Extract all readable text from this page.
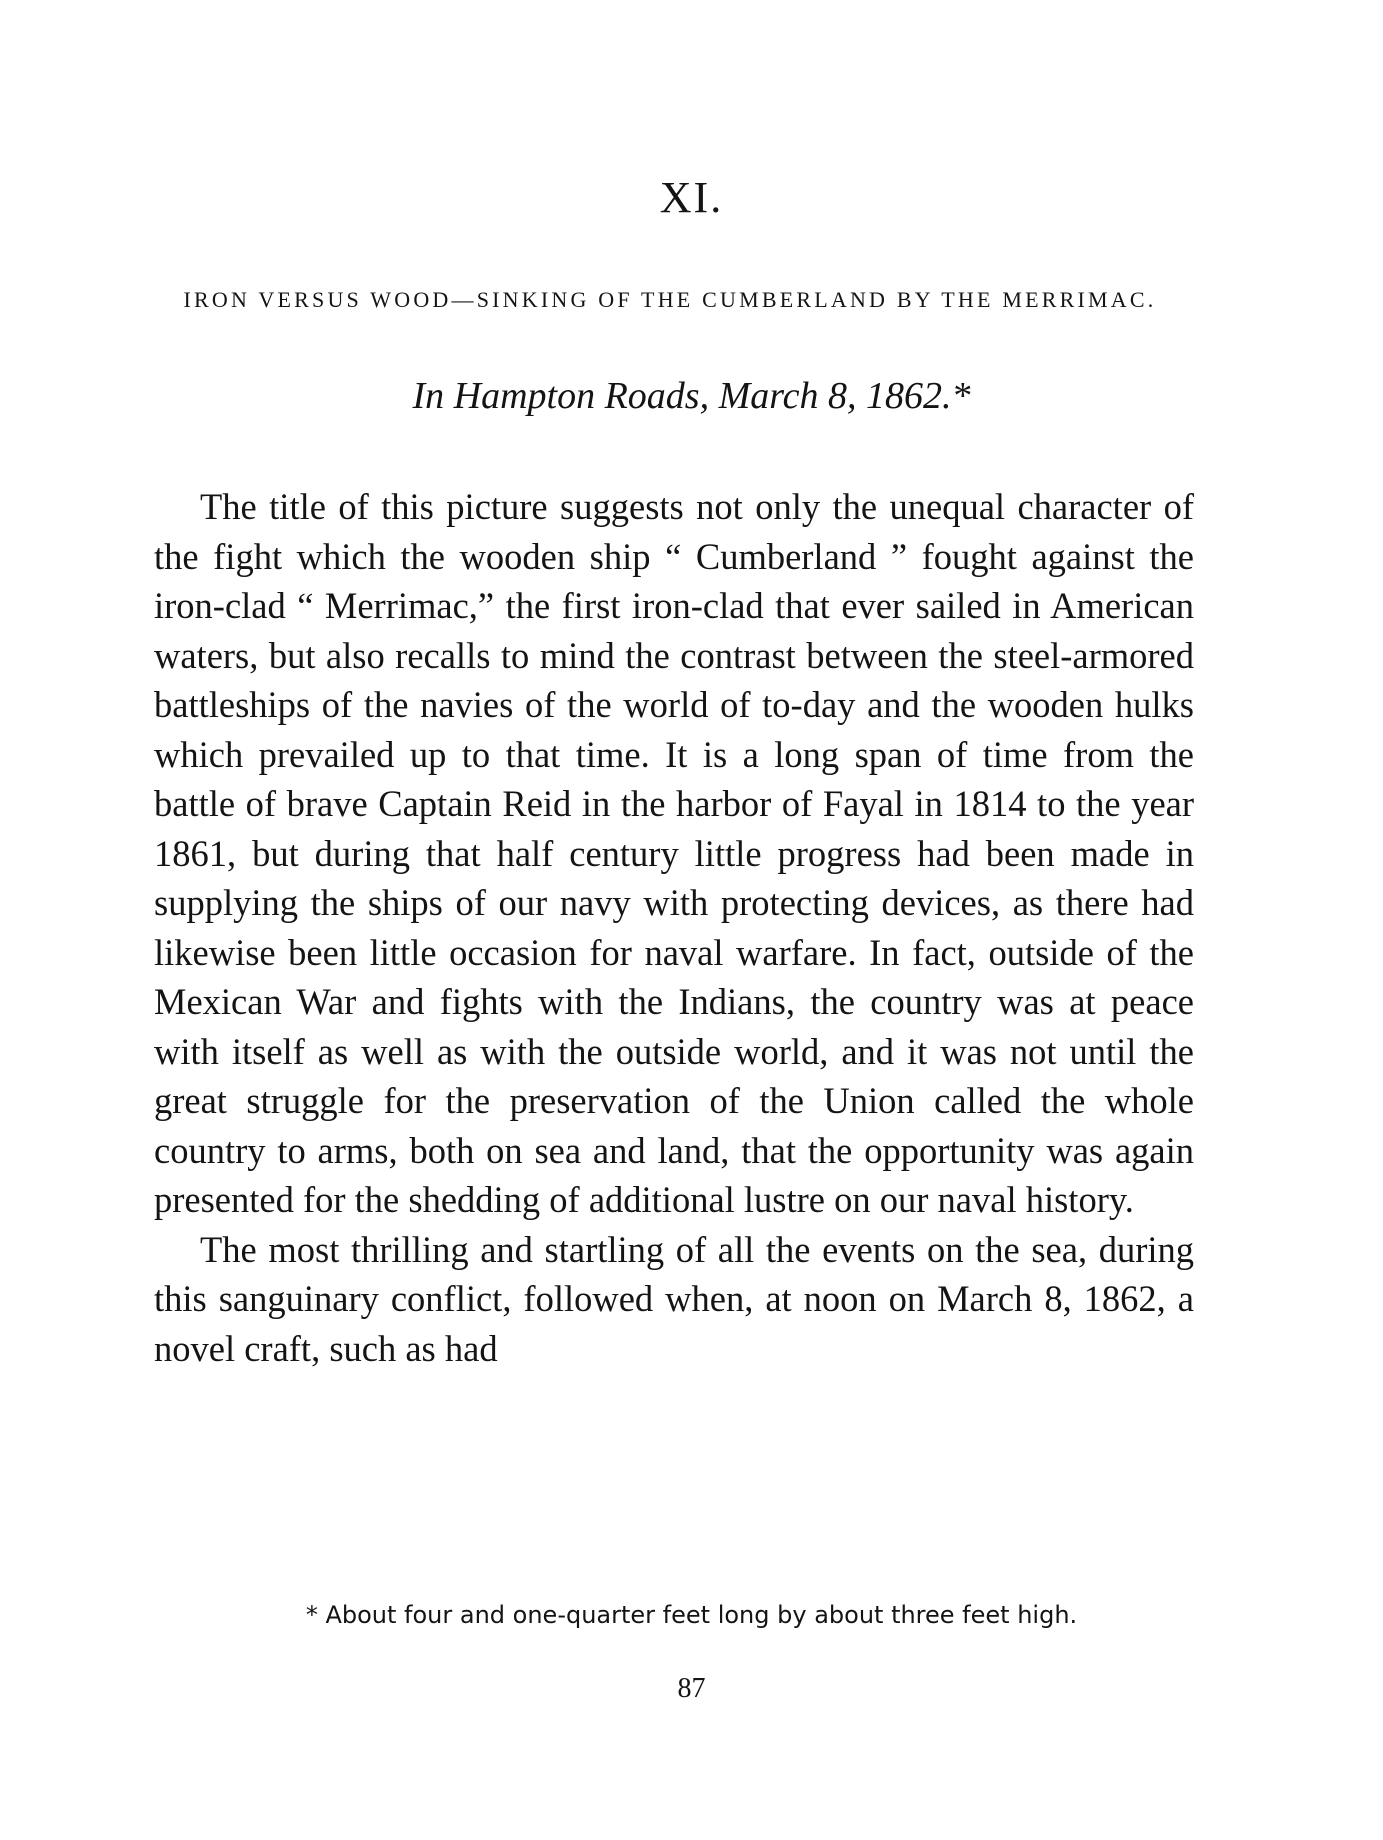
XI.
IRON VERSUS WOOD—SINKING OF THE CUMBERLAND BY THE MERRIMAC.
In Hampton Roads, March 8, 1862.*

The title of this picture suggests not only the unequal character of the fight which the wooden ship “ Cumberland ” fought against the iron-clad “ Merrimac,” the first iron-clad that ever sailed in American waters, but also recalls to mind the contrast between the steel-armored battleships of the navies of the world of to-day and the wooden hulks which prevailed up to that time. It is a long span of time from the battle of brave Captain Reid in the harbor of Fayal in 1814 to the year 1861, but during that half century little progress had been made in supplying the ships of our navy with protecting devices, as there had likewise been little occasion for naval warfare. In fact, outside of the Mexican War and fights with the Indians, the country was at peace with itself as well as with the outside world, and it was not until the great struggle for the preservation of the Union called the whole country to arms, both on sea and land, that the opportunity was again presented for the shedding of additional lustre on our naval history.

The most thrilling and startling of all the events on the sea, during this sanguinary conflict, followed when, at noon on March 8, 1862, a novel craft, such as had

* About four and one-quarter feet long by about three feet high.
87
